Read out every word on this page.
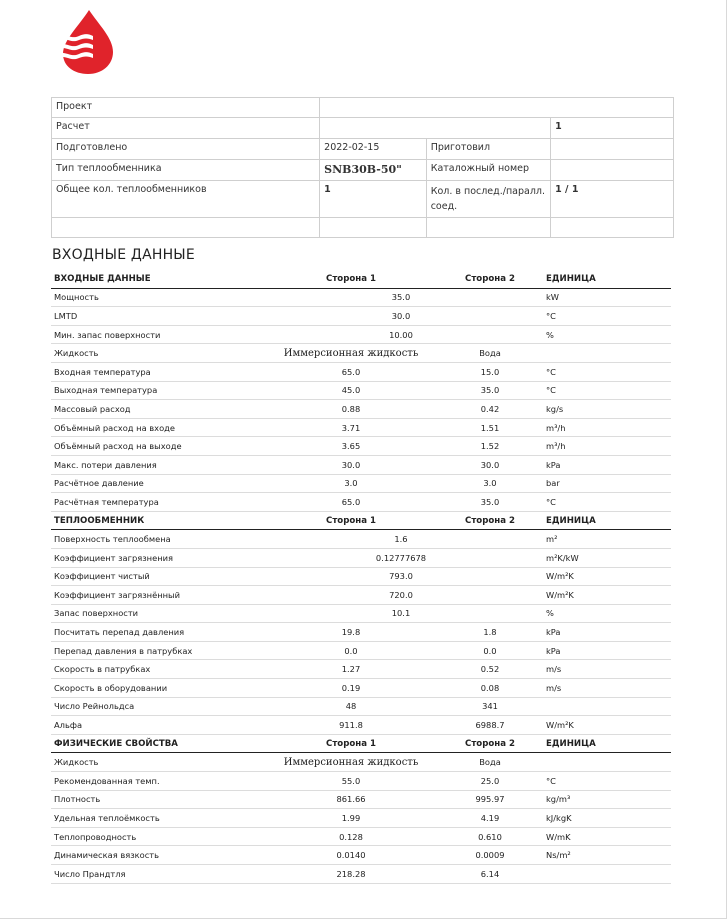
Проект			
Расчет			1
Подготовлено	2022-02-15	Приготовил	
Тип теплообменника	SNB30B-50"	Каталожный номер	
Общее кол. теплообменников	1	Кол. в послед./паралл. соед.	1 / 1

ВХОДНЫЕ ДАННЫЕ
ВХОДНЫЕ ДАННЫЕ	Сторона 1	Сторона 2	ЕДИНИЦА
Мощность	35.0		kW
LMTD	30.0		°C
Мин. запас поверхности	10.00		%
Жидкость	Иммерсионная жидкость	Вода	
Входная температура	65.0	15.0	°C
Выходная температура	45.0	35.0	°C
Массовый расход	0.88	0.42	kg/s
Объёмный расход на входе	3.71	1.51	m³/h
Объёмный расход на выходе	3.65	1.52	m³/h
Макс. потери давления	30.0	30.0	kPa
Расчётное давление	3.0	3.0	bar
Расчётная температура	65.0	35.0	°C
ТЕПЛООБМЕННИК	Сторона 1	Сторона 2	ЕДИНИЦА
Поверхность теплообмена	1.6		m²
Коэффициент загрязнения	0.12777678		m²K/kW
Коэффициент чистый	793.0		W/m²K
Коэффициент загрязнённый	720.0		W/m²K
Запас поверхности	10.1		%
Посчитать перепад давления	19.8	1.8	kPa
Перепад давления в патрубках	0.0	0.0	kPa
Скорость в патрубках	1.27	0.52	m/s
Скорость в оборудовании	0.19	0.08	m/s
Число Рейнольдса	48	341	
Альфа	911.8	6988.7	W/m²K
ФИЗИЧЕСКИЕ СВОЙСТВА	Сторона 1	Сторона 2	ЕДИНИЦА
Жидкость	Иммерсионная жидкость	Вода	
Рекомендованная темп.	55.0	25.0	°C
Плотность	861.66	995.97	kg/m³
Удельная теплоёмкость	1.99	4.19	kJ/kgK
Теплопроводность	0.128	0.610	W/mK
Динамическая вязкость	0.0140	0.0009	Ns/m²
Число Прандтля	218.28	6.14	
